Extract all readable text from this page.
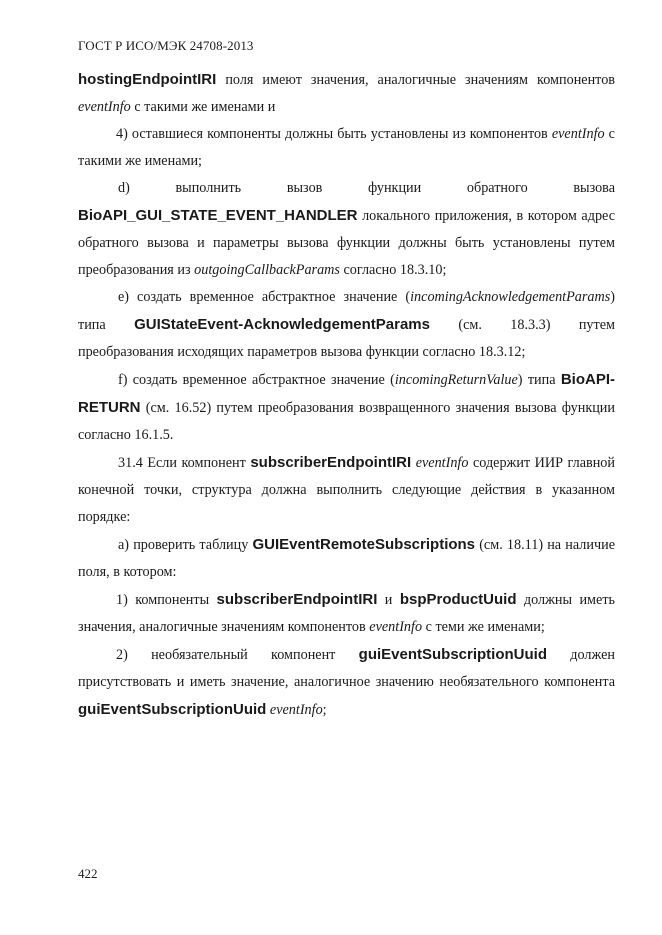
ГОСТ Р ИСО/МЭК 24708-2013

hostingEndpointIRI поля имеют значения, аналогичные значениям компонентов eventInfo с такими же именами и

4) оставшиеся компоненты должны быть установлены из компонентов eventInfo с такими же именами;

d) выполнить вызов функции обратного вызова BioAPI_GUI_STATE_EVENT_HANDLER локального приложения, в котором адрес обратного вызова и параметры вызова функции должны быть установлены путем преобразования из outgoingCallbackParams согласно 18.3.10;

e) создать временное абстрактное значение (incomingAcknowledgementParams) типа GUIStateEvent-AcknowledgementParams (см. 18.3.3) путем преобразования исходящих параметров вызова функции согласно 18.3.12;

f) создать временное абстрактное значение (incomingReturnValue) типа BioAPI-RETURN (см. 16.52) путем преобразования возвращенного значения вызова функции согласно 16.1.5.

31.4 Если компонент subscriberEndpointIRI eventInfo содержит ИИР главной конечной точки, структура должна выполнить следующие действия в указанном порядке:

а) проверить таблицу GUIEventRemoteSubscriptions (см. 18.11) на наличие поля, в котором:

1) компоненты subscriberEndpointIRI и bspProductUuid должны иметь значения, аналогичные значениям компонентов eventInfo с теми же именами;

2) необязательный компонент guiEventSubscriptionUuid должен присутствовать и иметь значение, аналогичное значению необязательного компонента guiEventSubscriptionUuid eventInfo;

422
